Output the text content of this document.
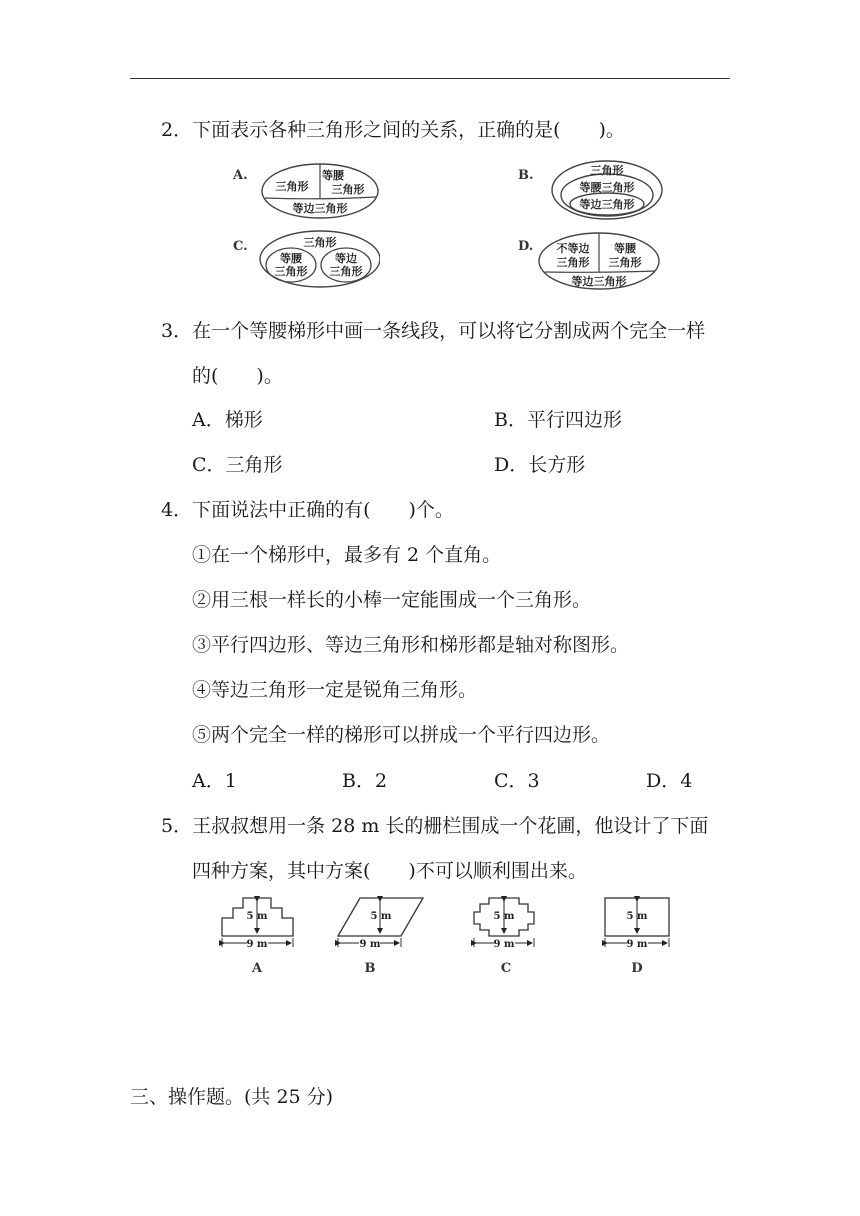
2．下面表示各种三角形之间的关系，正确的是(　　)。
A.
三角形
等腰
三角形
等边三角形
B.	三角形
等腰三角形
等边三角形
C.	三角形
等腰
三角形
等边
三角形
D. 不等边
三角形
等腰
三角形
等边三角形
3．在一个等腰梯形中画一条线段，可以将它分割成两个完全一样
的(　　)。
A．梯形	B．平行四边形
C．三角形	D．长方形
4．下面说法中正确的有(　　)个。
①在一个梯形中，最多有 2 个直角。
②用三根一样长的小棒一定能围成一个三角形。
③平行四边形、等边三角形和梯形都是轴对称图形。
④等边三角形一定是锐角三角形。
⑤两个完全一样的梯形可以拼成一个平行四边形。
A．1	B．2	C．3	D．4
5．王叔叔想用一条 28 m 长的栅栏围成一个花圃，他设计了下面
四种方案，其中方案(　　)不可以顺利围出来。
5 m
9 m
A
5 m
9 m
B
5 m
9 m
C
5 m
9 m
D
三、操作题。(共 25 分)
